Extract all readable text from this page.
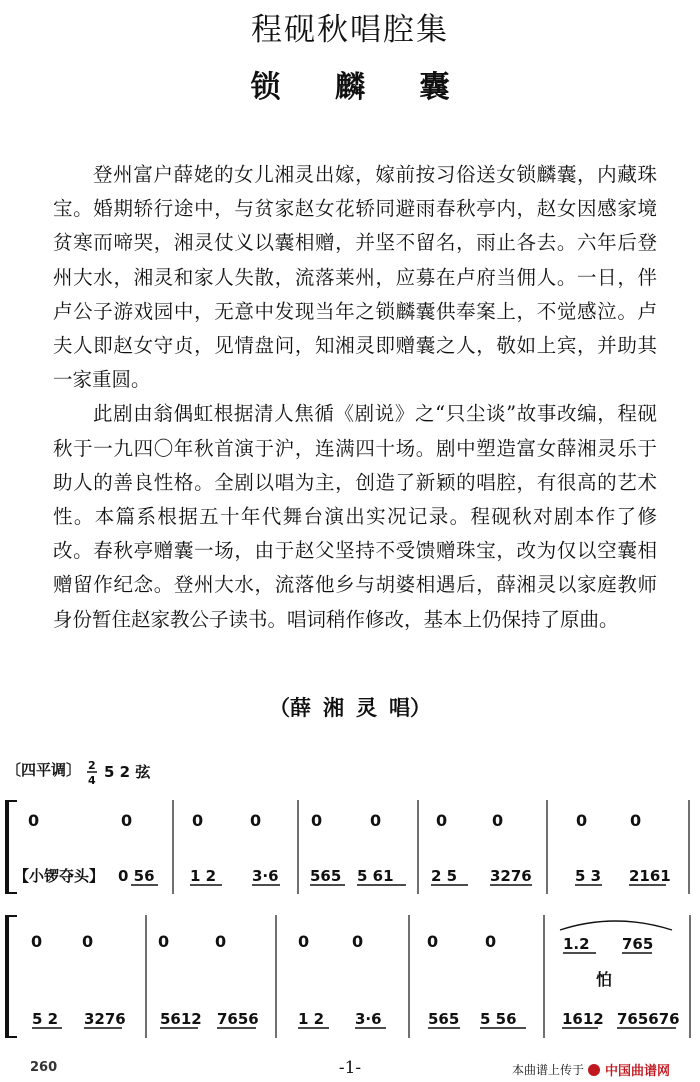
程砚秋唱腔集
锁 麟 囊

登州富户薛姥的女儿湘灵出嫁，嫁前按习俗送女锁麟囊，内藏珠宝。婚期轿行途中，与贫家赵女花轿同避雨春秋亭内，赵女因感家境贫寒而啼哭，湘灵仗义以囊相赠，并坚不留名，雨止各去。六年后登州大水，湘灵和家人失散，流落莱州，应募在卢府当佣人。一日，伴卢公子游戏园中，无意中发现当年之锁麟囊供奉案上，不觉感泣。卢夫人即赵女守贞，见情盘问，知湘灵即赠囊之人，敬如上宾，并助其一家重圆。

此剧由翁偶虹根据清人焦循《剧说》之“只尘谈”故事改编，程砚秋于一九四〇年秋首演于沪，连满四十场。剧中塑造富女薛湘灵乐于助人的善良性格。全剧以唱为主，创造了新颖的唱腔，有很高的艺术性。本篇系根据五十年代舞台演出实况记录。程砚秋对剧本作了修改。春秋亭赠囊一场，由于赵父坚持不受馈赠珠宝，改为仅以空囊相赠留作纪念。登州大水，流落他乡与胡婆相遇后，薛湘灵以家庭教师身份暂住赵家教公子读书。唱词稍作修改，基本上仍保持了原曲。

（薛 湘 灵 唱）
〔四平调〕 2
4 5 2 弦
0	0	0	0	0	0	0	0	0	0
【小锣夺头】 0 56 1 2 3·6 565 5 61 2 5 3276	5 3 2161
0 0	0	0	0	0	0	0	1.2 765
怕
5 2 3276 5612 7656	1 2 3·6	565 5 56	1612 765676
260	-1-	本曲谱上传于 中国曲谱网
